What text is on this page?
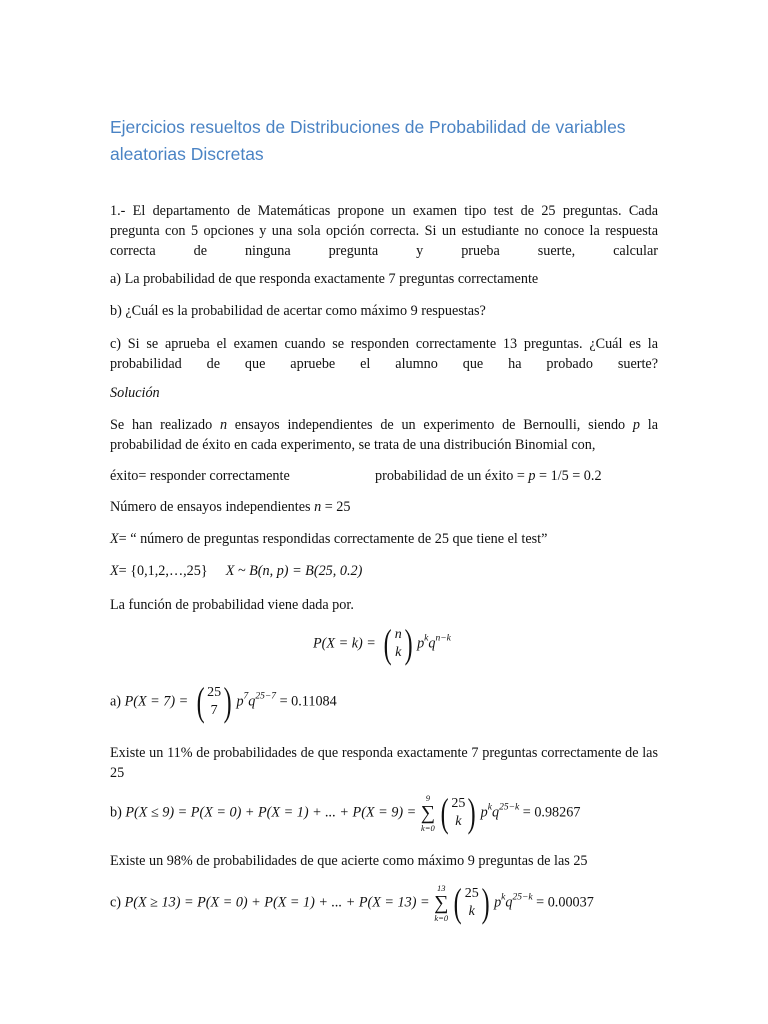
Ejercicios resueltos de Distribuciones de Probabilidad de variables aleatorias Discretas

1.- El departamento de Matemáticas propone un examen tipo test de 25 preguntas. Cada pregunta con 5 opciones y una sola opción correcta. Si un estudiante no conoce la respuesta correcta de ninguna pregunta y prueba suerte, calcular

a) La probabilidad de que responda exactamente 7 preguntas correctamente

b) ¿Cuál es la probabilidad de acertar como máximo 9 respuestas?

c) Si se aprueba el examen cuando se responden correctamente 13 preguntas. ¿Cuál es la probabilidad de que apruebe el alumno que ha probado suerte?

Solución

Se han realizado n ensayos independientes de un experimento de Bernoulli, siendo p la probabilidad de éxito en cada experimento, se trata de una distribución Binomial con,

éxito= responder correctamente	probabilidad de un éxito = p = 1/5 = 0.2
Número de ensayos independientes n = 25
X= “ número de preguntas respondidas correctamente de 25 que tiene el test”
X= {0,1,2,…,25} X ~ B(n, p) = B(25, 0.2)
La función de probabilidad viene dada por.
P(X = k) = ( n
k) $p^kq^{n-k}$
a) P(X = 7) = ( 25
7 ) $p^7q^{25-7} = 0.11084$

Existe un 11% de probabilidades de que responda exactamente 7 preguntas correctamente de las 25

b) P(X ≤ 9) = P(X = 0) + P(X = 1) + ... + P(X = 9) =
9
∑
k=0 ( 25
k ) $p^kq^{25-k} = 0.98267$

Existe un 98% de probabilidades de que acierte como máximo 9 preguntas de las 25

c) P(X ≥ 13) = P(X = 0) + P(X = 1) + ... + P(X = 13) =
13
∑
k=0 ( 25
k ) $p^kq^{25-k} = 0.00037$
